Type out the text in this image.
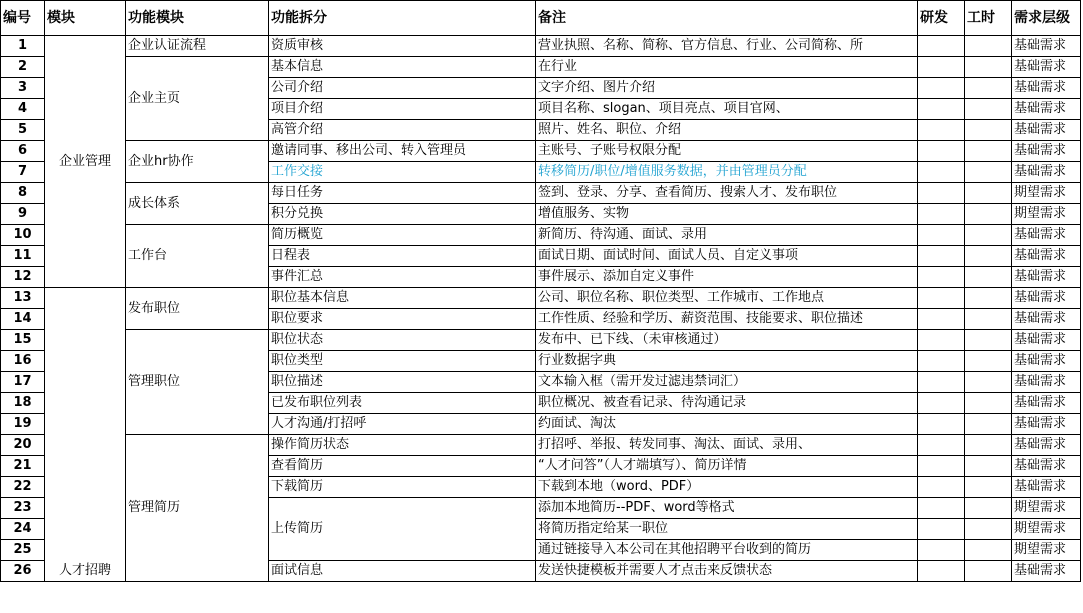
编号	模块	功能模块	功能拆分	备注	研发	工时	需求层级
1	企业管理	企业认证流程	资质审核	营业执照、名称、简称、官方信息、行业、公司简称、所			基础需求
2		企业主页	基本信息	在行业			基础需求
3			公司介绍	文字介绍、图片介绍			基础需求
4			项目介绍	项目名称、slogan、项目亮点、项目官网、			基础需求
5			高管介绍	照片、姓名、职位、介绍			基础需求
6		企业hr协作	邀请同事、移出公司、转入管理员	主账号、子账号权限分配			基础需求
7			工作交接	转移简历/职位/增值服务数据，并由管理员分配			基础需求
8		成长体系	每日任务	签到、登录、分享、查看简历、搜索人才、发布职位			期望需求
9			积分兑换	增值服务、实物			期望需求
10		工作台	简历概览	新简历、待沟通、面试、录用			基础需求
11			日程表	面试日期、面试时间、面试人员、自定义事项			基础需求
12			事件汇总	事件展示、添加自定义事件			基础需求
13	人才招聘	发布职位	职位基本信息	公司、职位名称、职位类型、工作城市、工作地点			基础需求
14			职位要求	工作性质、经验和学历、薪资范围、技能要求、职位描述			基础需求
15		管理职位	职位状态	发布中、已下线、（未审核通过）			基础需求
16			职位类型	行业数据字典			基础需求
17			职位描述	文本输入框（需开发过滤违禁词汇）			基础需求
18			已发布职位列表	职位概况、被查看记录、待沟通记录			基础需求
19			人才沟通/打招呼	约面试、淘汰			基础需求
20		管理简历	操作简历状态	打招呼、举报、转发同事、淘汰、面试、录用、			基础需求
21			查看简历	“人才问答”（人才端填写）、简历详情			基础需求
22			下载简历	下载到本地（word、PDF）			基础需求
23			上传简历	添加本地简历--PDF、word等格式			期望需求
24				将简历指定给某一职位			期望需求
25				通过链接导入本公司在其他招聘平台收到的简历			期望需求
26			面试信息	发送快捷模板并需要人才点击来反馈状态			基础需求
